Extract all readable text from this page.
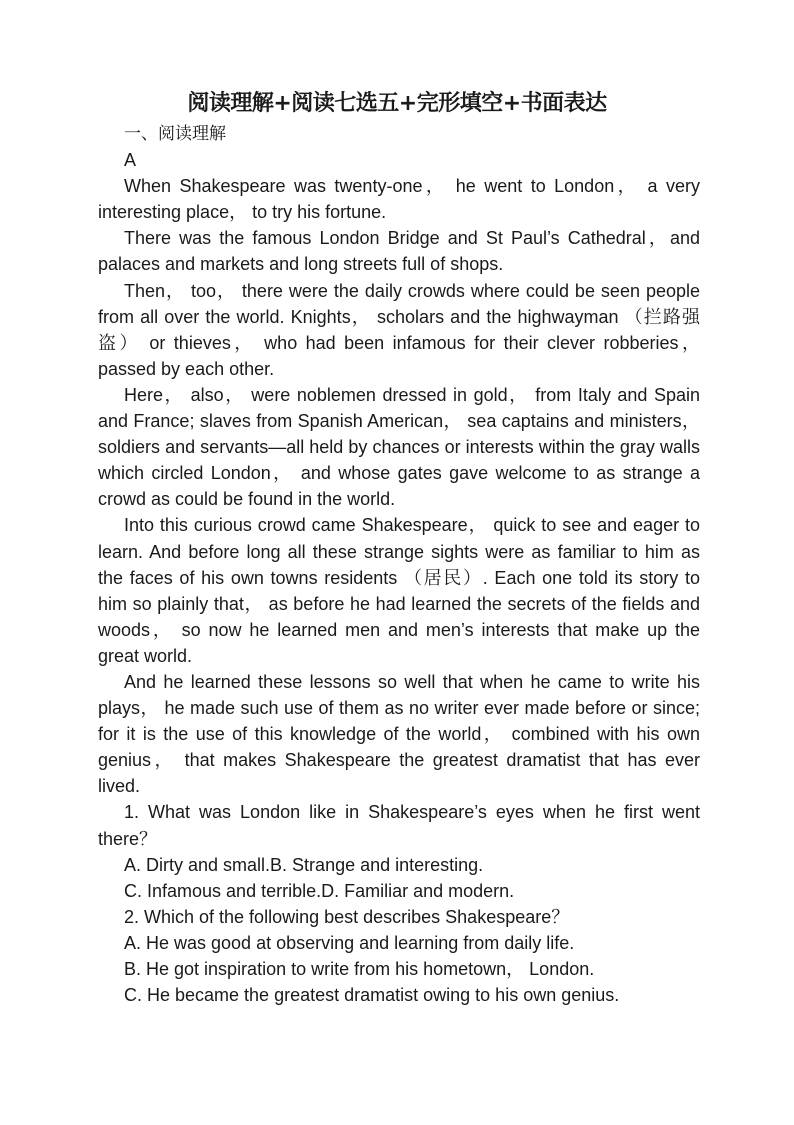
阅读理解+阅读七选五+完形填空+书面表达

一、阅读理解

A

When Shakespeare was twenty-one， he went to London， a very interesting place， to try his fortune.

There was the famous London Bridge and St Paul’s Cathedral，and palaces and markets and long streets full of shops.

Then， too， there were the daily crowds where could be seen people from all over the world. Knights， scholars and the highwayman （拦路强盗） or thieves， who had been infamous for their clever robberies， passed by each other.

Here， also， were noblemen dressed in gold， from Italy and Spain and France; slaves from Spanish American， sea captains and ministers， soldiers and servants—all held by chances or interests within the gray walls which circled London， and whose gates gave welcome to as strange a crowd as could be found in the world.

Into this curious crowd came Shakespeare， quick to see and eager to learn. And before long all these strange sights were as familiar to him as the faces of his own towns residents （居民）. Each one told its story to him so plainly that， as before he had learned the secrets of the fields and woods， so now he learned men and men’s interests that make up the great world.

And he learned these lessons so well that when he came to write his plays， he made such use of them as no writer ever made before or since; for it is the use of this knowledge of the world， combined with his own genius， that makes Shakespeare the greatest dramatist that has ever lived.

1. What was London like in Shakespeare’s eyes when he first went there？

A. Dirty and small.B. Strange and interesting.
C. Infamous and terrible.D. Familiar and modern.

2. Which of the following best describes Shakespeare？

A. He was good at observing and learning from daily life.

B. He got inspiration to write from his hometown， London.

C. He became the greatest dramatist owing to his own genius.
